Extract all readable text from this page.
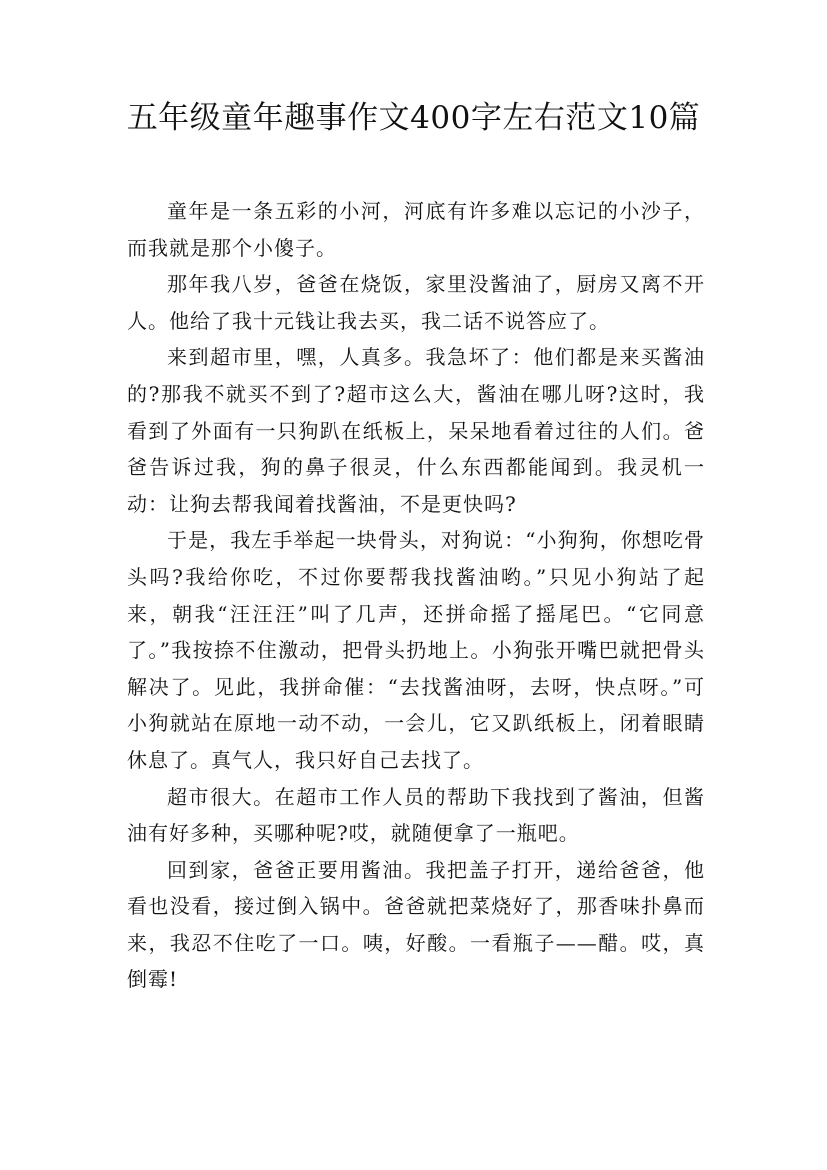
五年级童年趣事作文400字左右范文10篇

童年是一条五彩的小河，河底有许多难以忘记的小沙子，而我就是那个小傻子。

那年我八岁，爸爸在烧饭，家里没酱油了，厨房又离不开人。他给了我十元钱让我去买，我二话不说答应了。

来到超市里，嘿，人真多。我急坏了：他们都是来买酱油的?那我不就买不到了?超市这么大，酱油在哪儿呀?这时，我看到了外面有一只狗趴在纸板上，呆呆地看着过往的人们。爸爸告诉过我，狗的鼻子很灵，什么东西都能闻到。我灵机一动：让狗去帮我闻着找酱油，不是更快吗?

于是，我左手举起一块骨头，对狗说：“小狗狗，你想吃骨头吗?我给你吃，不过你要帮我找酱油哟。”只见小狗站了起来，朝我“汪汪汪”叫了几声，还拼命摇了摇尾巴。“它同意了。”我按捺不住激动，把骨头扔地上。小狗张开嘴巴就把骨头解决了。见此，我拼命催：“去找酱油呀，去呀，快点呀。”可小狗就站在原地一动不动，一会儿，它又趴纸板上，闭着眼睛休息了。真气人，我只好自己去找了。

超市很大。在超市工作人员的帮助下我找到了酱油，但酱油有好多种，买哪种呢?哎，就随便拿了一瓶吧。

回到家，爸爸正要用酱油。我把盖子打开，递给爸爸，他看也没看，接过倒入锅中。爸爸就把菜烧好了，那香味扑鼻而来，我忍不住吃了一口。咦，好酸。一看瓶子——醋。哎，真倒霉!
